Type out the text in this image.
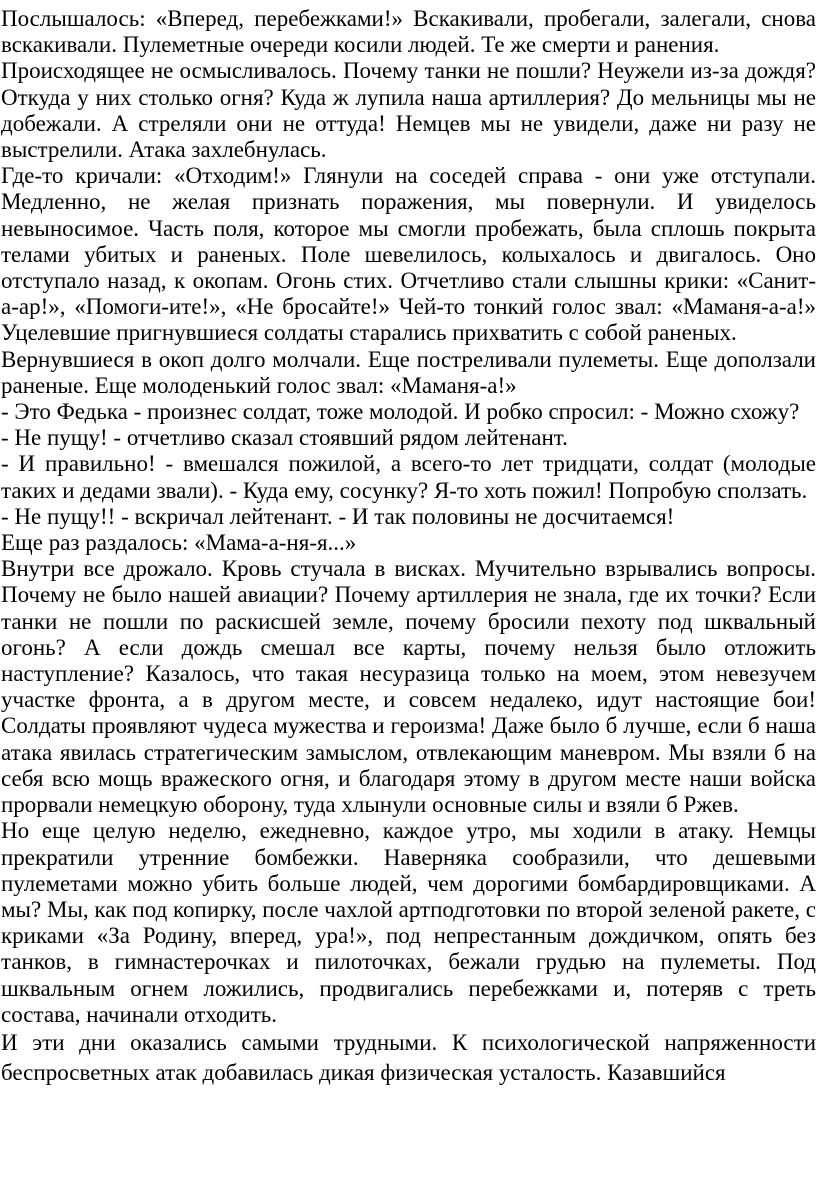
Послышалось: «Вперед, перебежками!» Вскакивали, пробегали, залегали, снова вскакивали. Пулеметные очереди косили людей. Те же смерти и ранения.

Происходящее не осмысливалось. Почему танки не пошли? Неужели из-за дождя? Откуда у них столько огня? Куда ж лупила наша артиллерия? До мельницы мы не добежали. А стреляли они не оттуда! Немцев мы не увидели, даже ни разу не выстрелили. Атака захлебнулась.

Где-то кричали: «Отходим!» Глянули на соседей справа - они уже отступали. Медленно, не желая признать поражения, мы повернули. И увиделось невыносимое. Часть поля, которое мы смогли пробежать, была сплошь покрыта телами убитых и раненых. Поле шевелилось, колыхалось и двигалось. Оно отступало назад, к окопам. Огонь стих. Отчетливо стали слышны крики: «Санит-а-ар!», «Помоги-ите!», «Не бросайте!» Чей-то тонкий голос звал: «Маманя-а-а!» Уцелевшие пригнувшиеся солдаты старались прихватить с собой раненых.

Вернувшиеся в окоп долго молчали. Еще постреливали пулеметы. Еще доползали раненые. Еще молоденький голос звал: «Маманя-а!»

- Это Федька - произнес солдат, тоже молодой. И робко спросил: - Можно схожу?

- Не пущу! - отчетливо сказал стоявший рядом лейтенант.

- И правильно! - вмешался пожилой, а всего-то лет тридцати, солдат (молодые таких и дедами звали). - Куда ему, сосунку? Я-то хоть пожил! Попробую сползать.

- Не пущу!! - вскричал лейтенант. - И так половины не досчитаемся!

Еще раз раздалось: «Мама-а-ня-я...»

Внутри все дрожало. Кровь стучала в висках. Мучительно взрывались вопросы. Почему не было нашей авиации? Почему артиллерия не знала, где их точки? Если танки не пошли по раскисшей земле, почему бросили пехоту под шквальный огонь? А если дождь смешал все карты, почему нельзя было отложить наступление? Казалось, что такая несуразица только на моем, этом невезучем участке фронта, а в другом месте, и совсем недалеко, идут настоящие бои! Солдаты проявляют чудеса мужества и героизма! Даже было б лучше, если б наша атака явилась стратегическим замыслом, отвлекающим маневром. Мы взяли б на себя всю мощь вражеского огня, и благодаря этому в другом месте наши войска прорвали немецкую оборону, туда хлынули основные силы и взяли б Ржев.

Но еще целую неделю, ежедневно, каждое утро, мы ходили в атаку. Немцы прекратили утренние бомбежки. Наверняка сообразили, что дешевыми пулеметами можно убить больше людей, чем дорогими бомбардировщиками. А мы? Мы, как под копирку, после чахлой артподготовки по второй зеленой ракете, с криками «За Родину, вперед, ура!», под непрестанным дождичком, опять без танков, в гимнастерочках и пилоточках, бежали грудью на пулеметы. Под шквальным огнем ложились, продвигались перебежками и, потеряв с треть состава, начинали отходить.

И эти дни оказались самыми трудными. К психологической напряженности беспросветных атак добавилась дикая физическая усталость. Казавшийся
